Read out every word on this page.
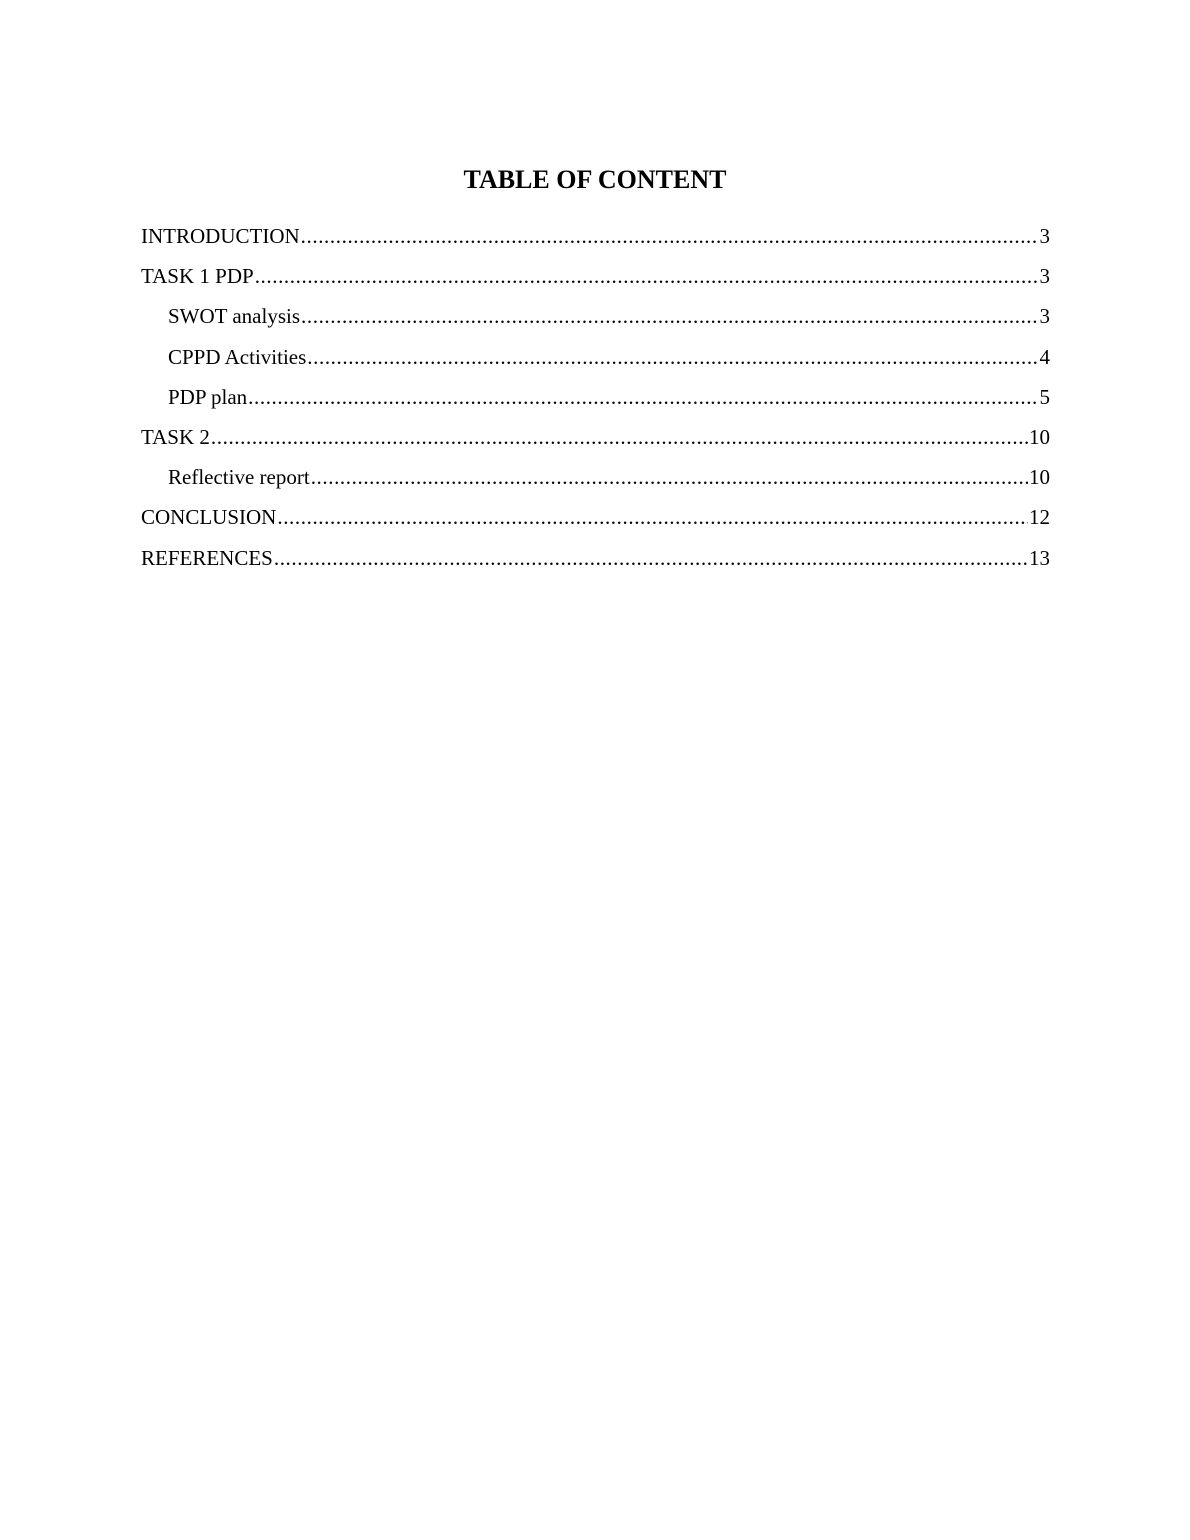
TABLE OF CONTENT
INTRODUCTION .....	3
TASK 1 PDP .....	3
SWOT analysis .....	3
CPPD Activities .....	4
PDP plan .....	5
TASK 2 .....	10
Reflective report .....	10
CONCLUSION .....	12
REFERENCES .....	13
